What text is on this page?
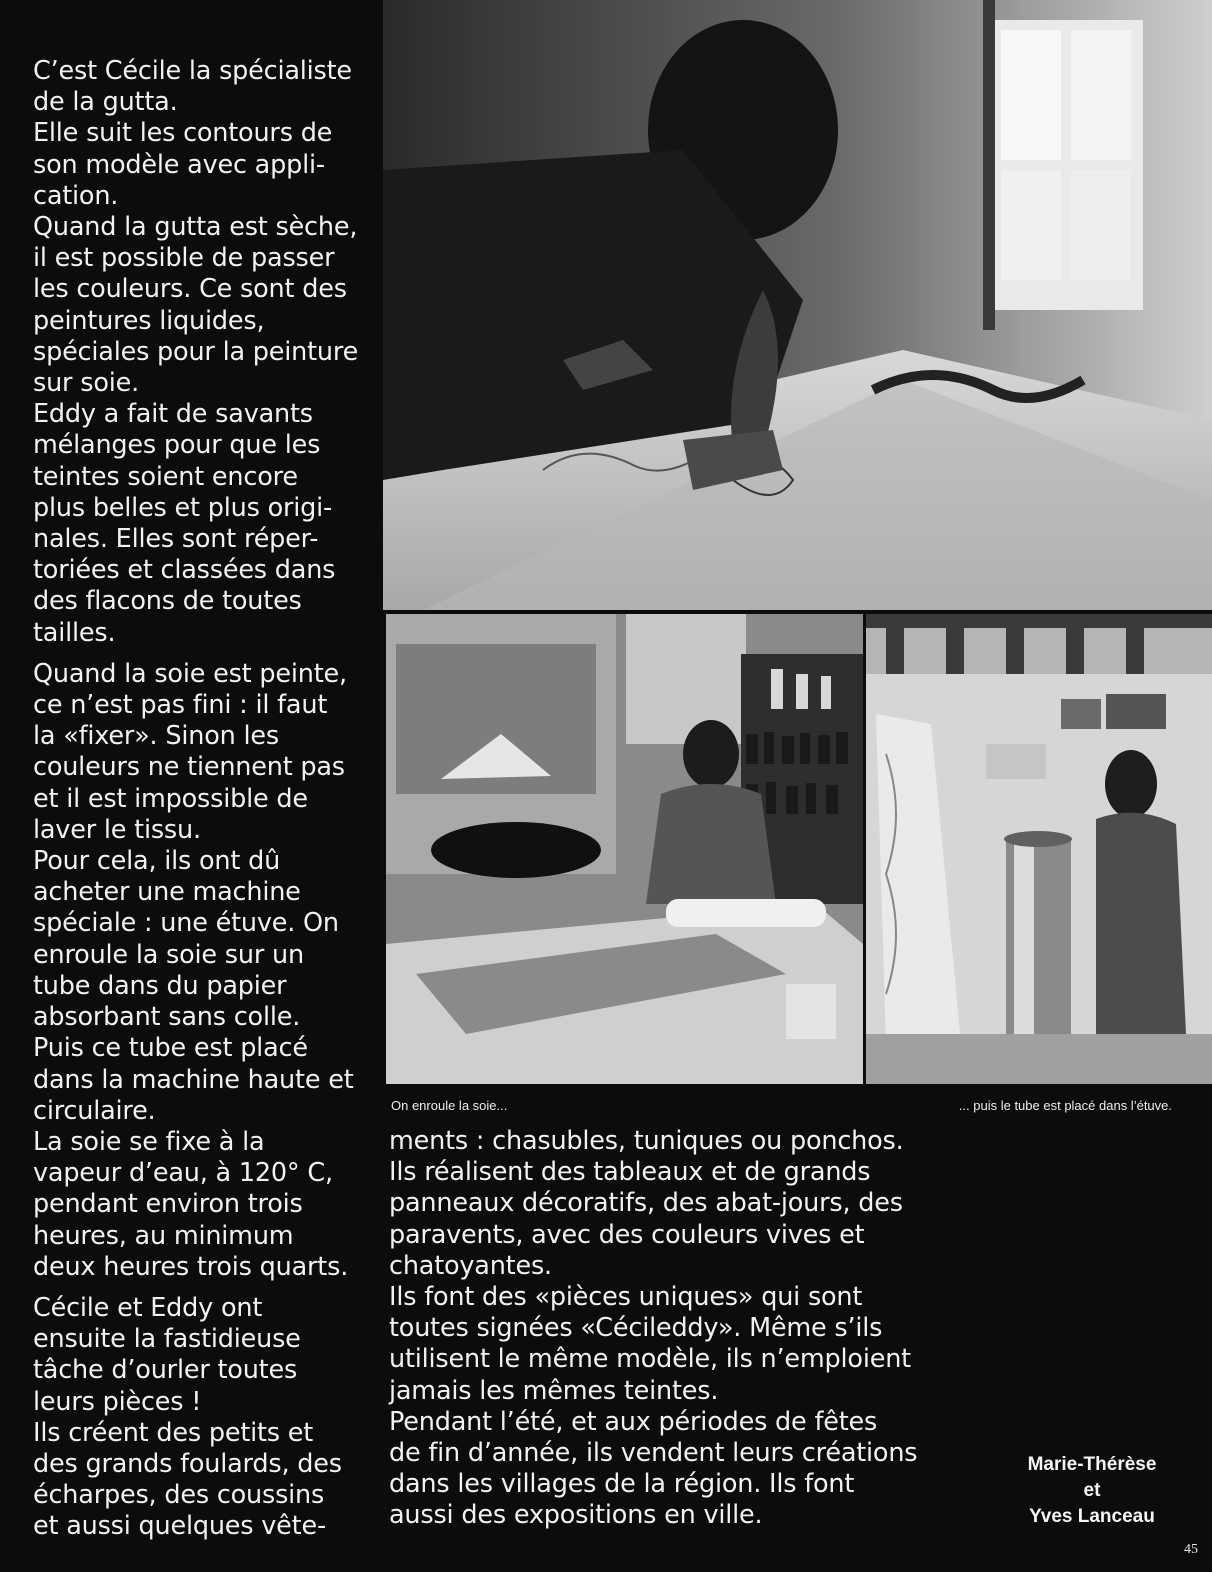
C’est Cécile la spécialiste
de la gutta.
Elle suit les contours de
son modèle avec appli-
cation.
Quand la gutta est sèche,
il est possible de passer
les couleurs. Ce sont des
peintures liquides,
spéciales pour la peinture
sur soie.
Eddy a fait de savants
mélanges pour que les
teintes soient encore
plus belles et plus origi-
nales. Elles sont réper-
toriées et classées dans
des flacons de toutes
tailles.

Quand la soie est peinte,
ce n’est pas fini : il faut
la «fixer». Sinon les
couleurs ne tiennent pas
et il est impossible de
laver le tissu.
Pour cela, ils ont dû
acheter une machine
spéciale : une étuve. On
enroule la soie sur un
tube dans du papier
absorbant sans colle.
Puis ce tube est placé
dans la machine haute et
circulaire.
La soie se fixe à la
vapeur d’eau, à 120° C,
pendant environ trois
heures, au minimum
deux heures trois quarts.

Cécile et Eddy ont
ensuite la fastidieuse
tâche d’ourler toutes
leurs pièces !
Ils créent des petits et
des grands foulards, des
écharpes, des coussins
et aussi quelques vête-

On enroule la soie...	... puis le tube est placé dans l’étuve.
ments : chasubles, tuniques ou ponchos.
Ils réalisent des tableaux et de grands
panneaux décoratifs, des abat-jours, des
paravents, avec des couleurs vives et
chatoyantes.
Ils font des «pièces uniques» qui sont
toutes signées «Cécileddy». Même s’ils
utilisent le même modèle, ils n’emploient
jamais les mêmes teintes.
Pendant l’été, et aux périodes de fêtes
de fin d’année, ils vendent leurs créations
dans les villages de la région. Ils font
aussi des expositions en ville.
Marie-Thérèse
et
Yves Lanceau
45
